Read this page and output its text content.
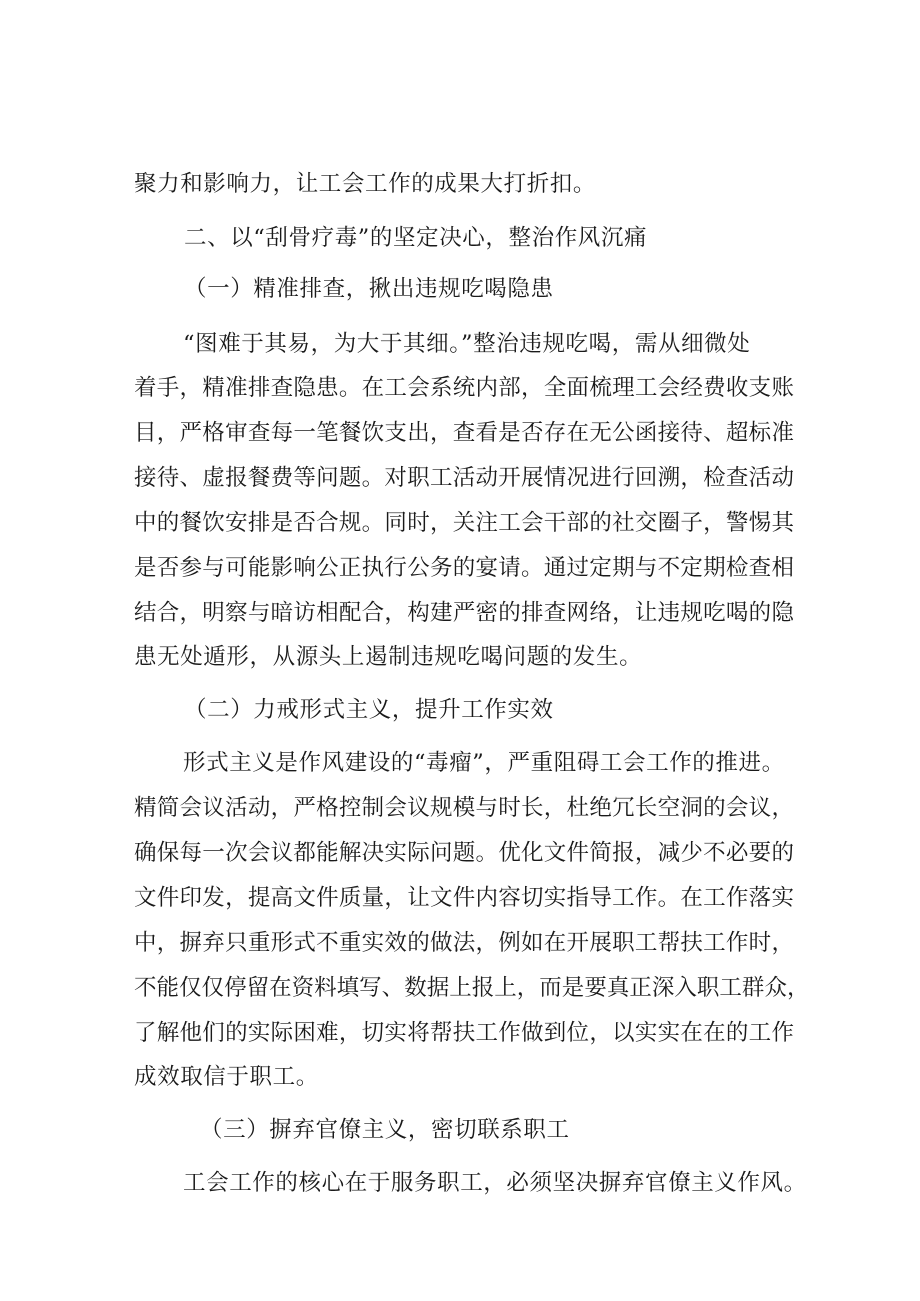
聚力和影响力，让工会工作的成果大打折扣。
二、以“刮骨疗毒”的坚定决心，整治作风沉痛
（一）精准排查，揪出违规吃喝隐患
“图难于其易，为大于其细。”整治违规吃喝，需从细微处
着 手 ， 精 准 排 查 隐 患 。 在 工 会 系 统 内 部 ， 全 面 梳 理 工 会 经 费 收 支 账
目 ， 严 格 审 查 每 一 笔 餐 饮 支 出 ， 查 看 是 否 存 在 无 公 函 接 待 、 超 标 准
接 待 、 虚 报 餐 费 等 问 题 。 对 职 工 活 动 开 展 情 况 进 行 回 溯 ， 检 查 活 动
中 的 餐 饮 安 排 是 否 合 规 。 同 时 ， 关 注 工 会 干 部 的 社 交 圈 子 ， 警 惕 其
是 否 参 与 可 能 影 响 公 正 执 行 公 务 的 宴 请 。 通 过 定 期 与 不 定 期 检 查 相
结 合 ， 明 察 与 暗 访 相 配 合 ， 构 建 严 密 的 排 查 网 络 ， 让 违 规 吃 喝 的 隐
患无处遁形，从源头上遏制违规吃喝问题的发生。
（二）力戒形式主义，提升工作实效
形式主义是作风建设的“毒瘤”，严重阻碍工会工作的推进。
精 简 会 议 活 动 ， 严 格 控 制 会 议 规 模 与 时 长 ， 杜 绝 冗 长 空 洞 的 会 议 ，
确 保 每 一 次 会 议 都 能 解 决 实 际 问 题 。 优 化 文 件 简 报 ， 减 少 不 必 要 的
文 件 印 发 ， 提 高 文 件 质 量 ， 让 文 件 内 容 切 实 指 导 工 作 。 在 工 作 落 实
中 ， 摒 弃 只 重 形 式 不 重 实 效 的 做 法 ， 例 如 在 开 展 职 工 帮 扶 工 作 时 ，
不 能 仅 仅 停 留 在 资 料 填 写 、 数 据 上 报 上 ， 而 是 要 真 正 深 入 职 工 群 众 ，
了 解 他 们 的 实 际 困 难 ， 切 实 将 帮 扶 工 作 做 到 位 ， 以 实 实 在 在 的 工 作
成效取信于职工。
（三）摒弃官僚主义，密切联系职工
工会工作的核心在于服务职工，必须坚决摒弃官僚主义作风。
